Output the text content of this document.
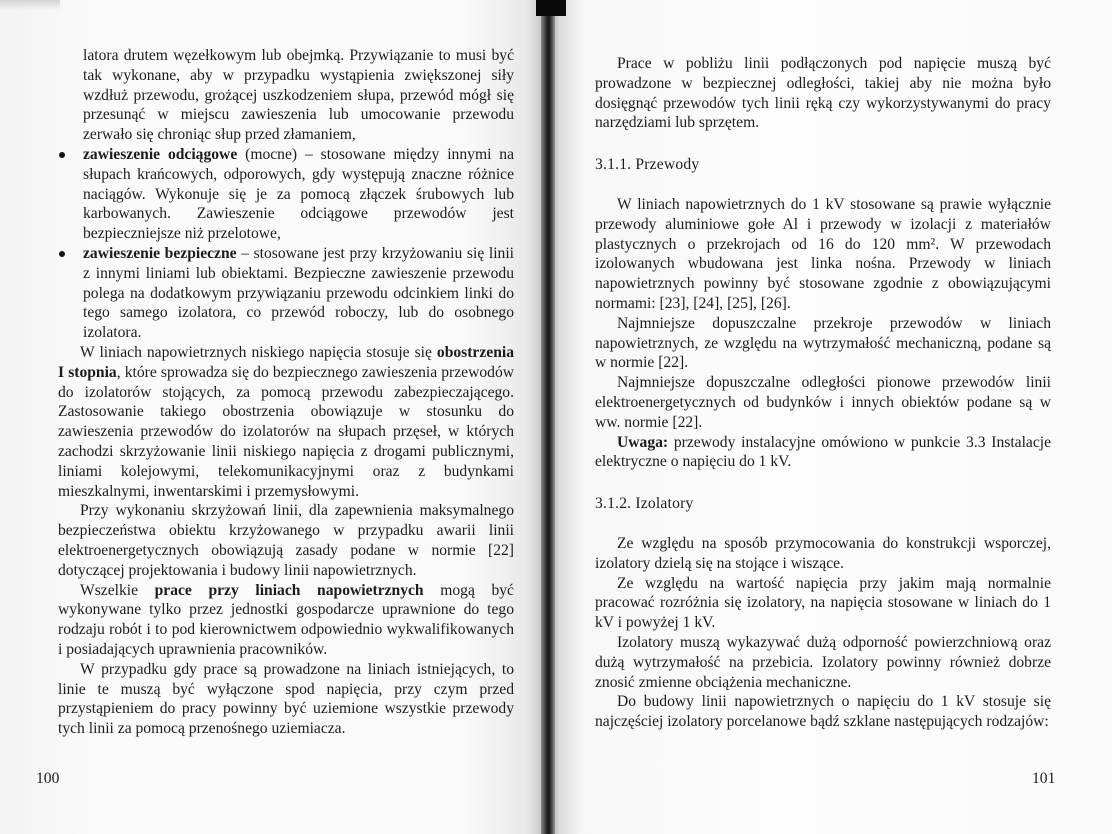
latora drutem węzełkowym lub obejmką. Przywiązanie to musi być tak wykonane, aby w przypadku wystąpienia zwiększonej siły wzdłuż przewodu, grożącej uszkodzeniem słupa, przewód mógł się przesunąć w miejscu zawieszenia lub umocowanie przewodu zerwało się chroniąc słup przed złamaniem,

zawieszenie odciągowe (mocne) – stosowane między innymi na słupach krańcowych, odporowych, gdy występują znaczne różnice naciągów. Wykonuje się je za pomocą złączek śrubowych lub karbowanych. Zawieszenie odciągowe przewodów jest bezpieczniejsze niż przelotowe,
zawieszenie bezpieczne – stosowane jest przy krzyżowaniu się linii z innymi liniami lub obiektami. Bezpieczne zawieszenie przewodu polega na dodatkowym przywiązaniu przewodu odcinkiem linki do tego samego izolatora, co przewód roboczy, lub do osobnego izolatora.

W liniach napowietrznych niskiego napięcia stosuje się obostrzenia I stopnia, które sprowadza się do bezpiecznego zawieszenia przewodów do izolatorów stojących, za pomocą przewodu zabezpieczającego. Zastosowanie takiego obostrzenia obowiązuje w stosunku do zawieszenia przewodów do izolatorów na słupach przęseł, w których zachodzi skrzyżowanie linii niskiego napięcia z drogami publicznymi, liniami kolejowymi, telekomunikacyjnymi oraz z budynkami mieszkalnymi, inwentarskimi i przemysłowymi.

Przy wykonaniu skrzyżowań linii, dla zapewnienia maksymalnego bezpieczeństwa obiektu krzyżowanego w przypadku awarii linii elektroenergetycznych obowiązują zasady podane w normie [22] dotyczącej projektowania i budowy linii napowietrznych.

Wszelkie prace przy liniach napowietrznych mogą być wykonywane tylko przez jednostki gospodarcze uprawnione do tego rodzaju robót i to pod kierownictwem odpowiednio wykwalifikowanych i posiadających uprawnienia pracowników.

W przypadku gdy prace są prowadzone na liniach istniejących, to linie te muszą być wyłączone spod napięcia, przy czym przed przystąpieniem do pracy powinny być uziemione wszystkie przewody tych linii za pomocą przenośnego uziemiacza.

100

Prace w pobliżu linii podłączonych pod napięcie muszą być prowadzone w bezpiecznej odległości, takiej aby nie można było dosięgnąć przewodów tych linii ręką czy wykorzystywanymi do pracy narzędziami lub sprzętem.

3.1.1. Przewody

W liniach napowietrznych do 1 kV stosowane są prawie wyłącznie przewody aluminiowe gołe Al i przewody w izolacji z materiałów plastycznych o przekrojach od 16 do 120 mm². W przewodach izolowanych wbudowana jest linka nośna. Przewody w liniach napowietrznych powinny być stosowane zgodnie z obowiązującymi normami: [23], [24], [25], [26].

Najmniejsze dopuszczalne przekroje przewodów w liniach napowietrznych, ze względu na wytrzymałość mechaniczną, podane są w normie [22].

Najmniejsze dopuszczalne odległości pionowe przewodów linii elektroenergetycznych od budynków i innych obiektów podane są w ww. normie [22].

Uwaga: przewody instalacyjne omówiono w punkcie 3.3 Instalacje elektryczne o napięciu do 1 kV.

3.1.2. Izolatory

Ze względu na sposób przymocowania do konstrukcji wsporczej, izolatory dzielą się na stojące i wiszące.

Ze względu na wartość napięcia przy jakim mają normalnie pracować rozróżnia się izolatory, na napięcia stosowane w liniach do 1 kV i powyżej 1 kV.

Izolatory muszą wykazywać dużą odporność powierzchniową oraz dużą wytrzymałość na przebicia. Izolatory powinny również dobrze znosić zmienne obciążenia mechaniczne.

Do budowy linii napowietrznych o napięciu do 1 kV stosuje się najczęściej izolatory porcelanowe bądź szklane następujących rodzajów:

101
